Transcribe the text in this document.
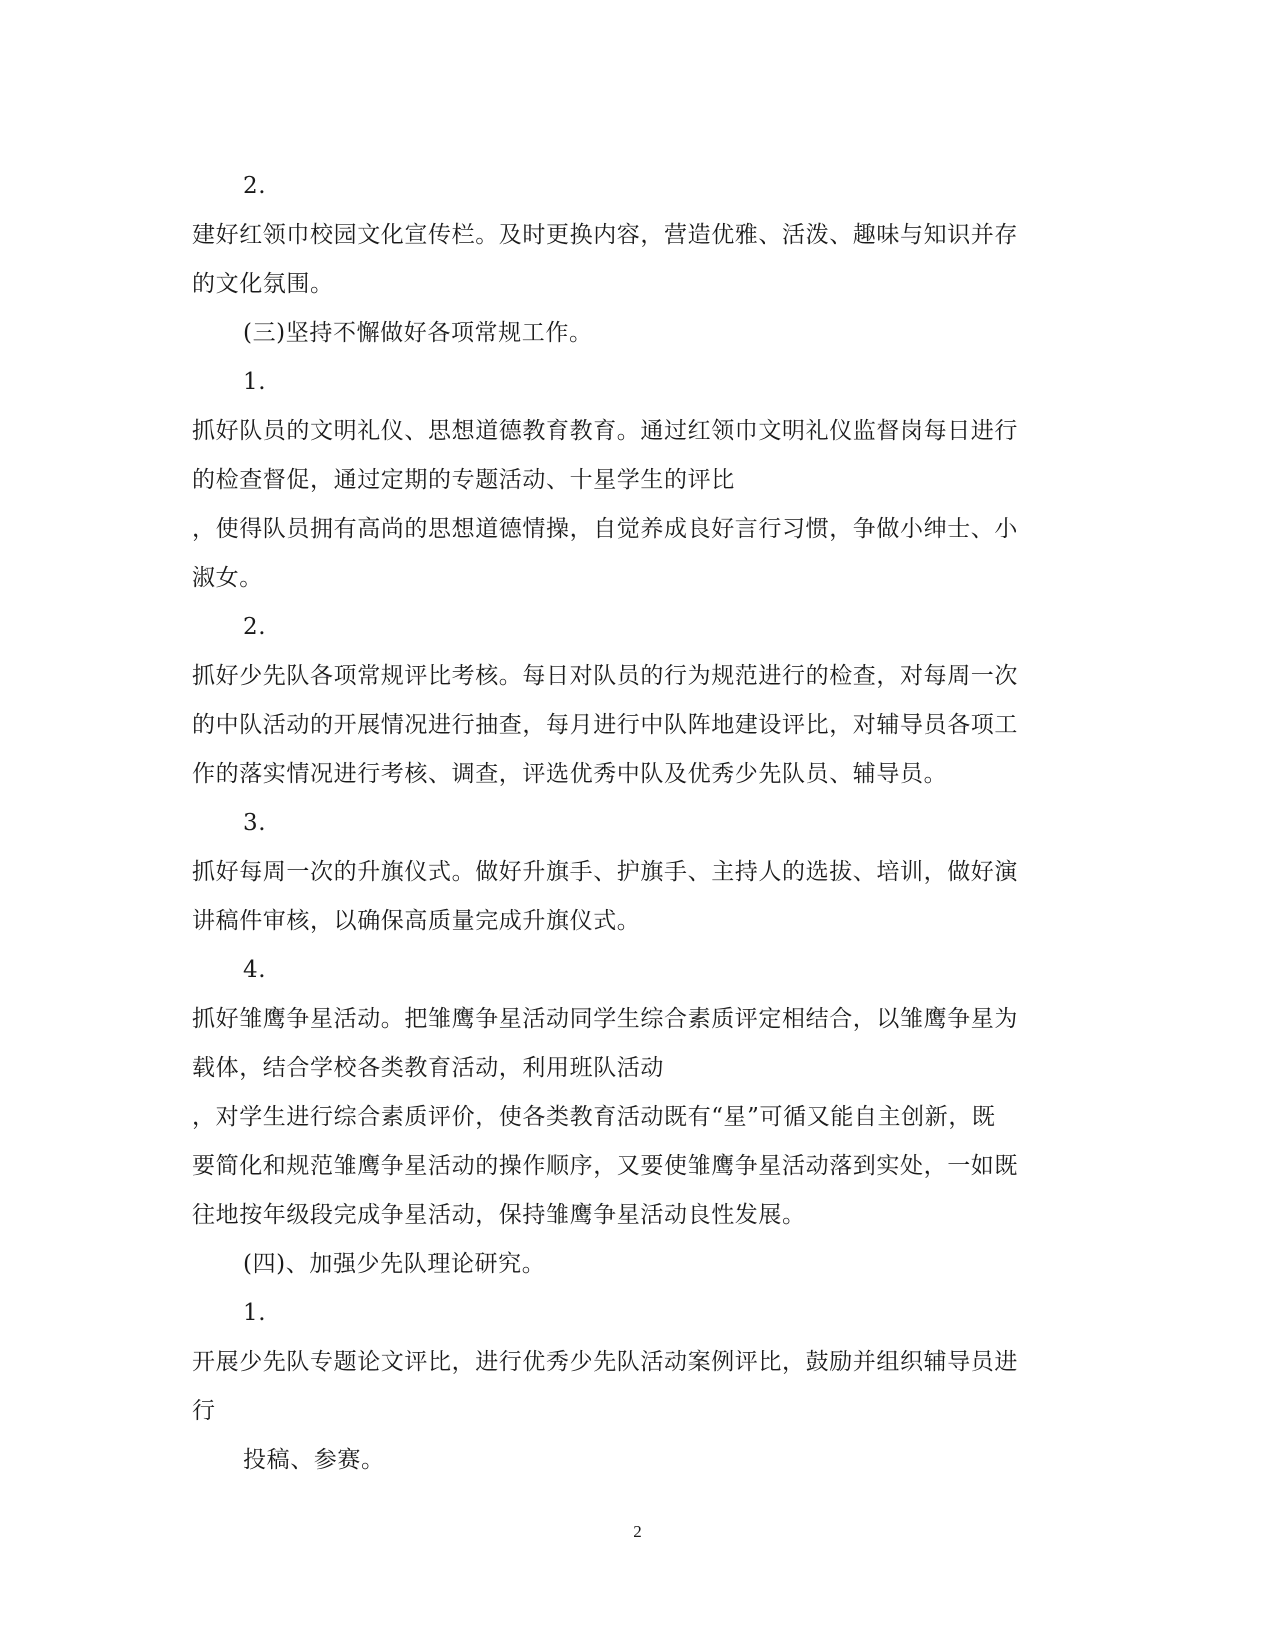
2.
建好红领巾校园文化宣传栏。及时更换内容，营造优雅、活泼、趣味与知识并存
的文化氛围。
(三)坚持不懈做好各项常规工作。
1.
抓好队员的文明礼仪、思想道德教育教育。通过红领巾文明礼仪监督岗每日进行
的检查督促，通过定期的专题活动、十星学生的评比
，使得队员拥有高尚的思想道德情操，自觉养成良好言行习惯，争做小绅士、小
淑女。
2.
抓好少先队各项常规评比考核。每日对队员的行为规范进行的检查，对每周一次
的中队活动的开展情况进行抽查，每月进行中队阵地建设评比，对辅导员各项工
作的落实情况进行考核、调查，评选优秀中队及优秀少先队员、辅导员。
3.
抓好每周一次的升旗仪式。做好升旗手、护旗手、主持人的选拔、培训，做好演
讲稿件审核，以确保高质量完成升旗仪式。
4.
抓好雏鹰争星活动。把雏鹰争星活动同学生综合素质评定相结合，以雏鹰争星为
载体，结合学校各类教育活动，利用班队活动
，对学生进行综合素质评价，使各类教育活动既有“星”可循又能自主创新，既
要简化和规范雏鹰争星活动的操作顺序，又要使雏鹰争星活动落到实处，一如既
往地按年级段完成争星活动，保持雏鹰争星活动良性发展。
(四)、加强少先队理论研究。
1.
开展少先队专题论文评比，进行优秀少先队活动案例评比，鼓励并组织辅导员进
行
投稿、参赛。
2
